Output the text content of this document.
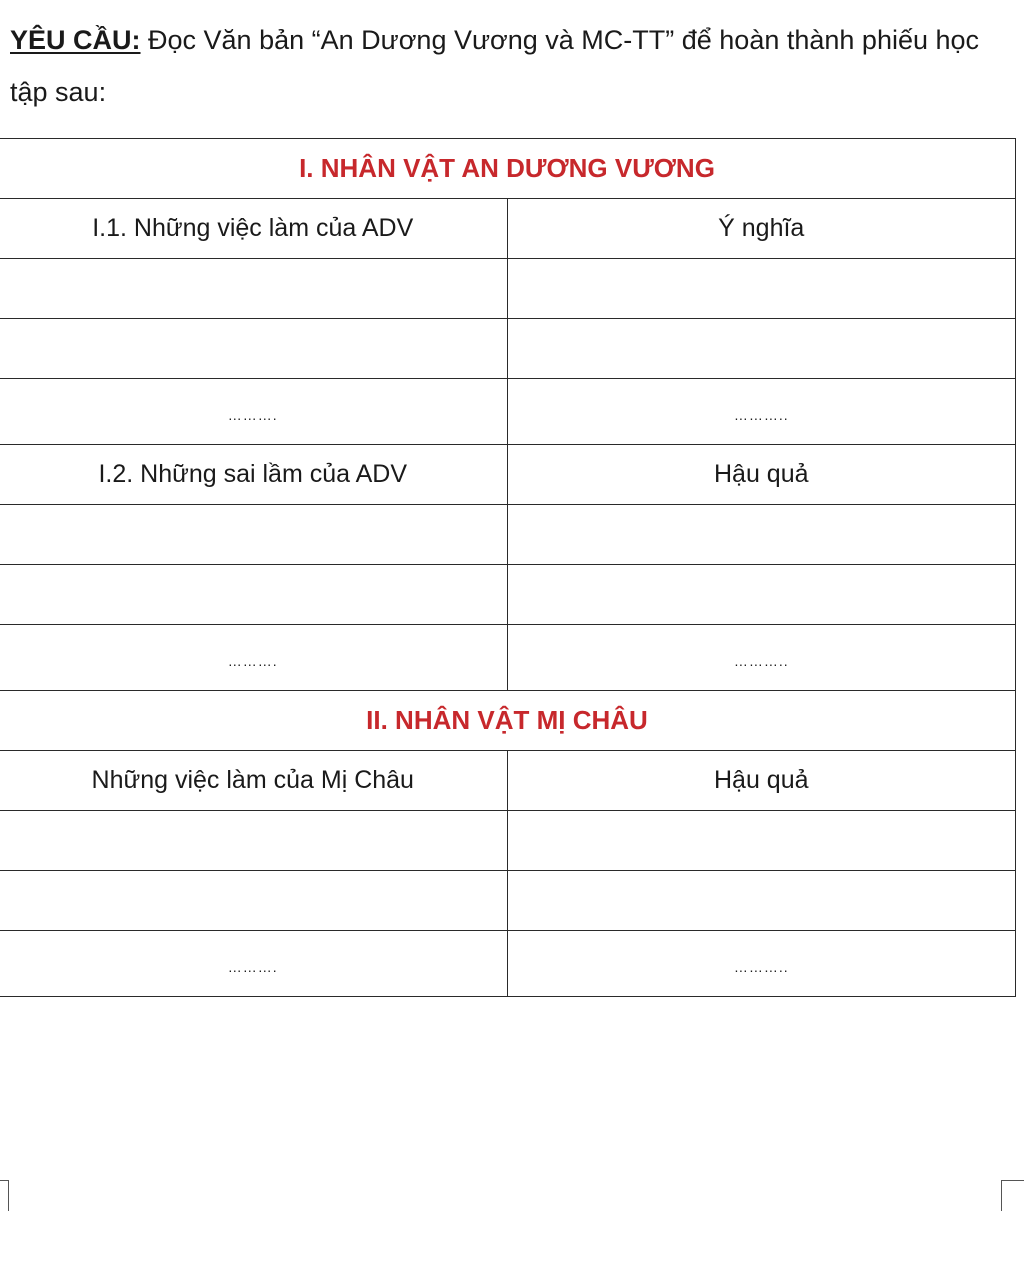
YÊU CẦU: Đọc Văn bản “An Dương Vương và MC-TT” để hoàn thành phiếu học tập sau:

I. NHÂN VẬT AN DƯƠNG VƯƠNG	
I.1. Những việc làm của ADV	Ý nghĩa

……….	………..
I.2. Những sai lầm của ADV	Hậu quả

……….	………..
II. NHÂN VẬT MỊ CHÂU	
Những việc làm của Mị Châu	Hậu quả

……….	………..
